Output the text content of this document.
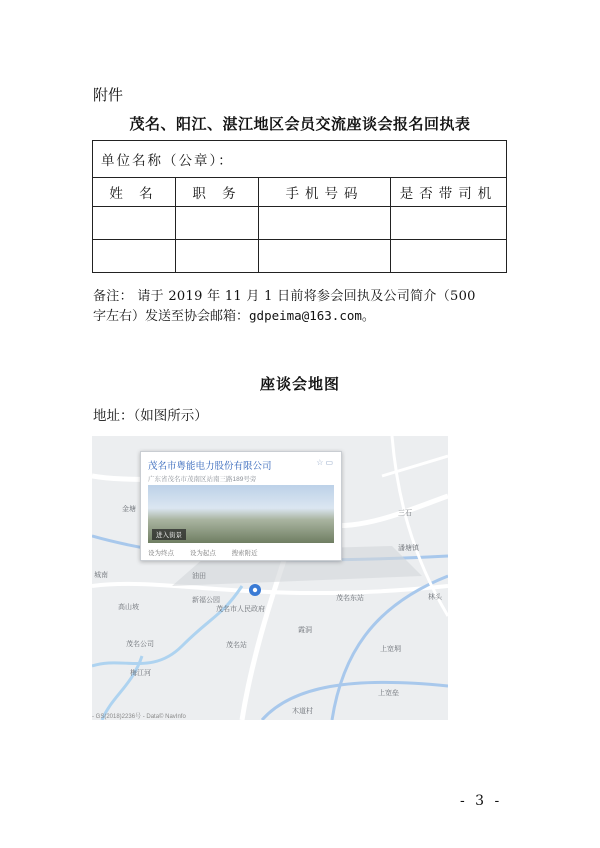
附件
茂名、阳江、湛江地区会员交流座谈会报名回执表
单位名称（公章）：			
姓 名	职 务	手机号码	是否带司机

备注： 请于 2019 年 11 月 1 日前将参会回执及公司简介（500
字左右）发送至协会邮箱：gdpeima@163.com。
座谈会地图
地址：（如图所示）
三石
城南
潘塘镇
茂名东站
新福公园
茂名市人民政府
茂名站
茂名公司
高山坡
上宽垌
林头
霞洞
上宽垒
木道村
油田
梅江河
金塘
茂名市粤能电力股份有限公司	☆▭
广东省茂名市茂南区站南三路189号旁
进入街景
设为终点 设为起点 搜索附近
- GS(2018)2236号 - Data© NavInfo
- 3 -
